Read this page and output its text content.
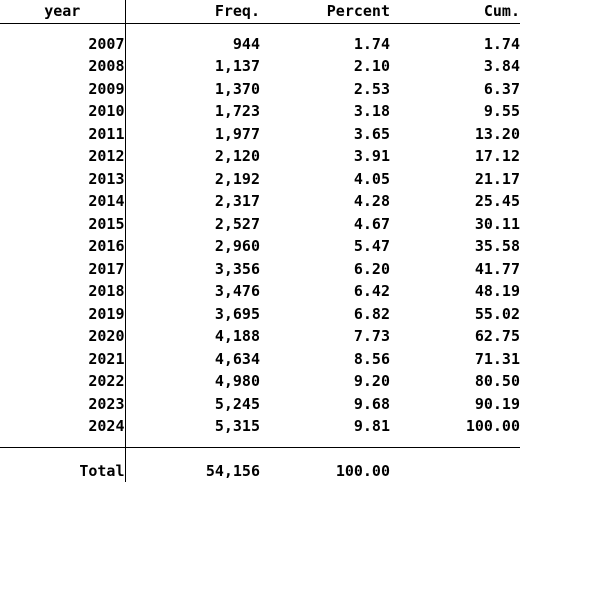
year	Freq.	Percent	Cum.

2007	944	1.74	1.74
2008	1,137	2.10	3.84
2009	1,370	2.53	6.37
2010	1,723	3.18	9.55
2011	1,977	3.65	13.20
2012	2,120	3.91	17.12
2013	2,192	4.05	21.17
2014	2,317	4.28	25.45
2015	2,527	4.67	30.11
2016	2,960	5.47	35.58
2017	3,356	6.20	41.77
2018	3,476	6.42	48.19
2019	3,695	6.82	55.02
2020	4,188	7.73	62.75
2021	4,634	8.56	71.31
2022	4,980	9.20	80.50
2023	5,245	9.68	90.19
2024	5,315	9.81	100.00

Total	54,156	100.00	
